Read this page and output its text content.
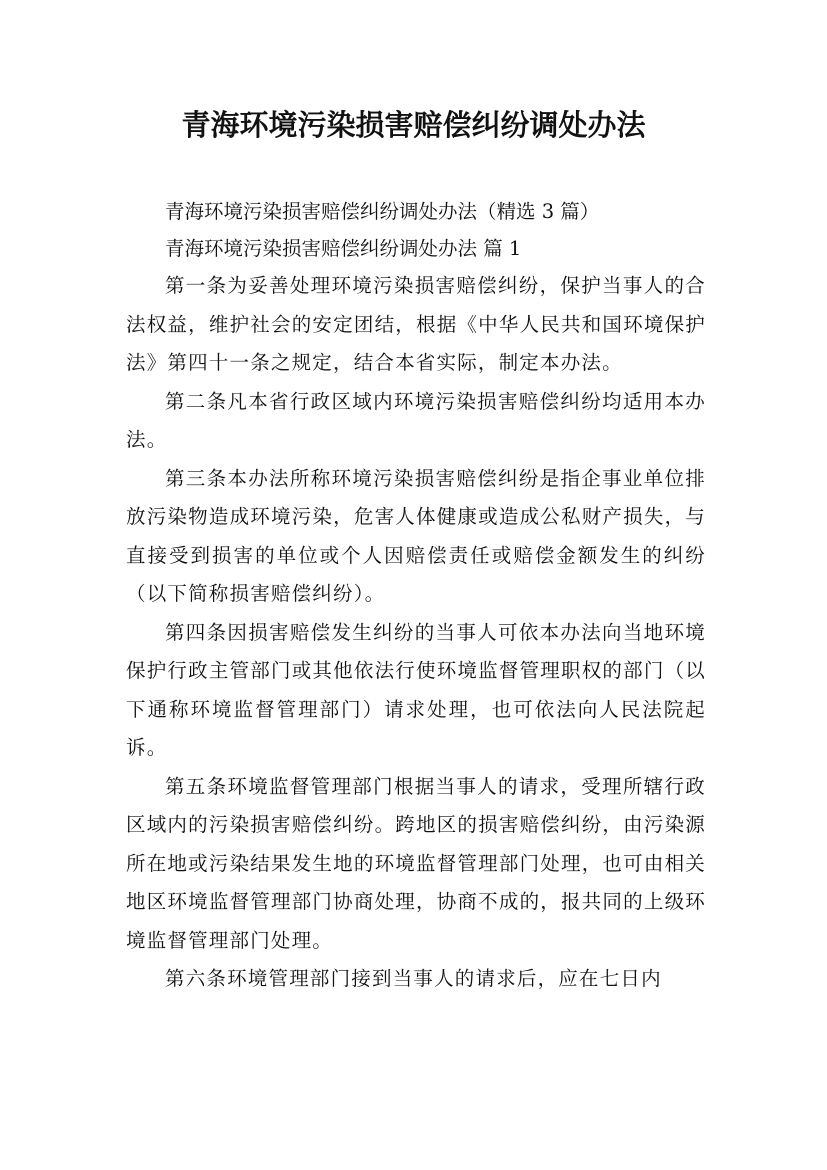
青海环境污染损害赔偿纠纷调处办法

青海环境污染损害赔偿纠纷调处办法（精选 3 篇）

青海环境污染损害赔偿纠纷调处办法 篇 1

第一条为妥善处理环境污染损害赔偿纠纷，保护当事人的合法权益，维护社会的安定团结，根据《中华人民共和国环境保护法》第四十一条之规定，结合本省实际，制定本办法。

第二条凡本省行政区域内环境污染损害赔偿纠纷均适用本办法。

第三条本办法所称环境污染损害赔偿纠纷是指企事业单位排放污染物造成环境污染，危害人体健康或造成公私财产损失，与直接受到损害的单位或个人因赔偿责任或赔偿金额发生的纠纷（以下简称损害赔偿纠纷）。

第四条因损害赔偿发生纠纷的当事人可依本办法向当地环境保护行政主管部门或其他依法行使环境监督管理职权的部门（以下通称环境监督管理部门）请求处理，也可依法向人民法院起诉。

第五条环境监督管理部门根据当事人的请求，受理所辖行政区域内的污染损害赔偿纠纷。跨地区的损害赔偿纠纷，由污染源所在地或污染结果发生地的环境监督管理部门处理，也可由相关地区环境监督管理部门协商处理，协商不成的，报共同的上级环境监督管理部门处理。

第六条环境管理部门接到当事人的请求后，应在七日内
